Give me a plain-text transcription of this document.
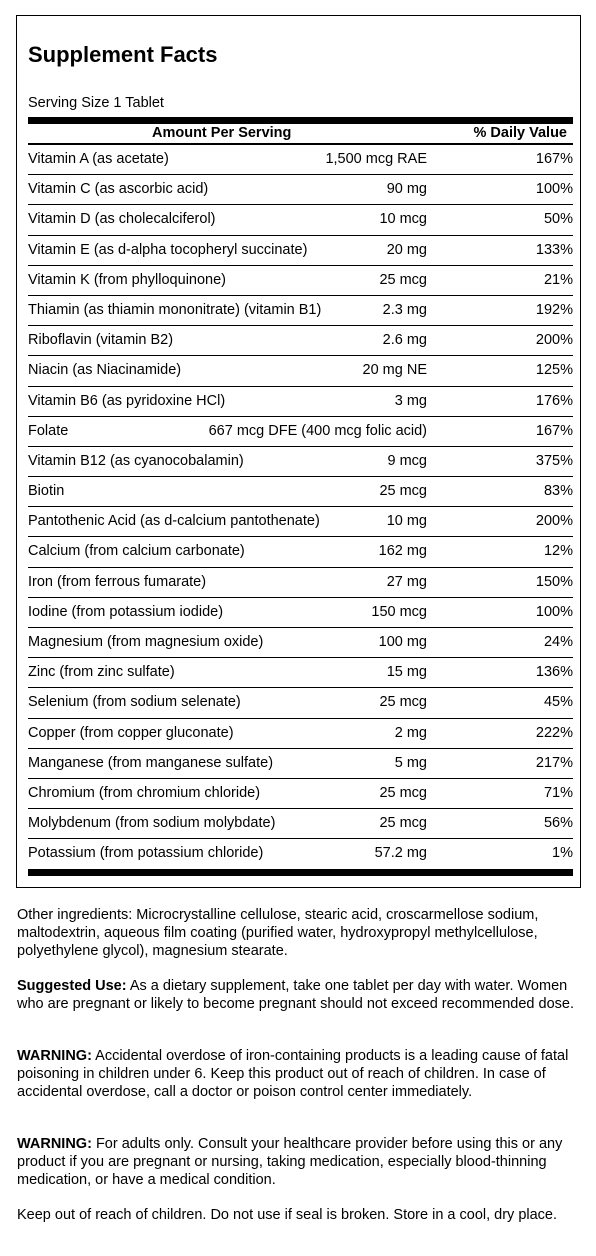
Supplement Facts
Serving Size 1 Tablet
Amount Per Serving	% Daily Value
Vitamin A (as acetate)	1,500 mcg RAE	167%
Vitamin C (as ascorbic acid)	90 mg	100%
Vitamin D (as cholecalciferol)	10 mcg	50%
Vitamin E (as d-alpha tocopheryl succinate)	20 mg	133%
Vitamin K (from phylloquinone)	25 mcg	21%
Thiamin (as thiamin mononitrate) (vitamin B1)	2.3 mg	192%
Riboflavin (vitamin B2)	2.6 mg	200%
Niacin (as Niacinamide)	20 mg NE	125%
Vitamin B6 (as pyridoxine HCl)	3 mg	176%
Folate	667 mcg DFE (400 mcg folic acid)	167%
Vitamin B12 (as cyanocobalamin)	9 mcg	375%
Biotin	25 mcg	83%
Pantothenic Acid (as d-calcium pantothenate)	10 mg	200%
Calcium (from calcium carbonate)	162 mg	12%
Iron (from ferrous fumarate)	27 mg	150%
Iodine (from potassium iodide)	150 mcg	100%
Magnesium (from magnesium oxide)	100 mg	24%
Zinc (from zinc sulfate)	15 mg	136%
Selenium (from sodium selenate)	25 mcg	45%
Copper (from copper gluconate)	2 mg	222%
Manganese (from manganese sulfate)	5 mg	217%
Chromium (from chromium chloride)	25 mcg	71%
Molybdenum (from sodium molybdate)	25 mcg	56%
Potassium (from potassium chloride)	57.2 mg	1%
Other ingredients: Microcrystalline cellulose, stearic acid, croscarmellose sodium, maltodextrin, aqueous film coating (purified water, hydroxypropyl methylcellulose, polyethylene glycol), magnesium stearate.
Suggested Use: As a dietary supplement, take one tablet per day with water. Women who are pregnant or likely to become pregnant should not exceed recommended dose.
WARNING: Accidental overdose of iron-containing products is a leading cause of fatal poisoning in children under 6. Keep this product out of reach of children. In case of accidental overdose, call a doctor or poison control center immediately.
WARNING: For adults only. Consult your healthcare provider before using this or any product if you are pregnant or nursing, taking medication, especially blood-thinning medication, or have a medical condition.
Keep out of reach of children. Do not use if seal is broken. Store in a cool, dry place.
